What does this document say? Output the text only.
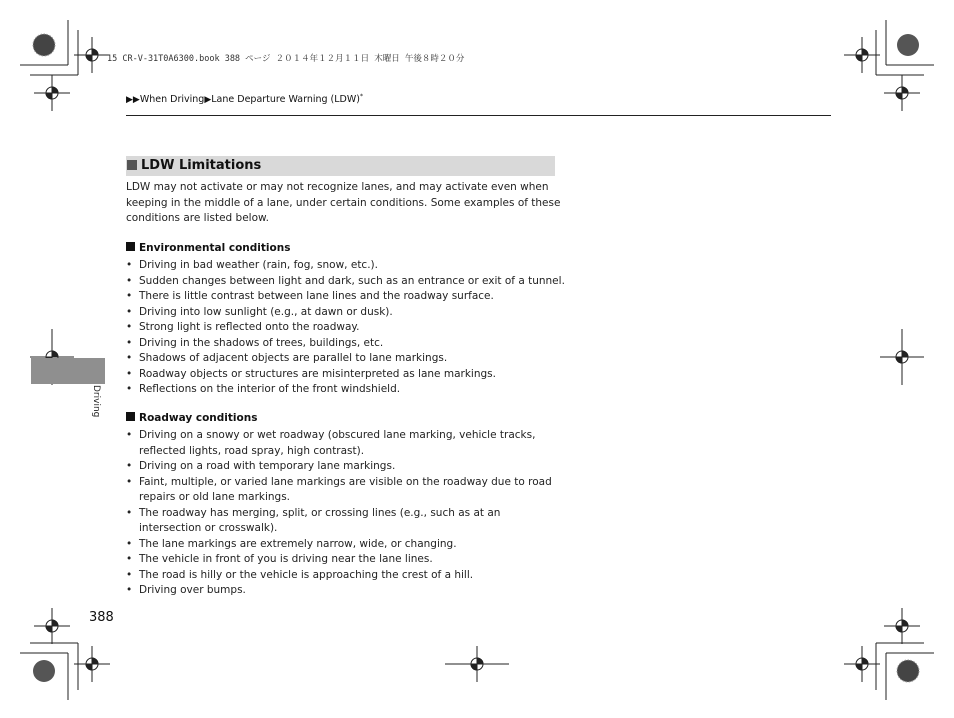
15 CR-V-31T0A6300.book 388 ページ ２０１４年１２月１１日 木曜日 午後８時２０分
▶▶When Driving▶Lane Departure Warning (LDW)*
LDW Limitations
LDW may not activate or may not recognize lanes, and may activate even when keeping in the middle of a lane, under certain conditions. Some examples of these conditions are listed below.
Environmental conditions
• Driving in bad weather (rain, fog, snow, etc.).
• Sudden changes between light and dark, such as an entrance or exit of a tunnel.
• There is little contrast between lane lines and the roadway surface.
• Driving into low sunlight (e.g., at dawn or dusk).
• Strong light is reflected onto the roadway.
• Driving in the shadows of trees, buildings, etc.
• Shadows of adjacent objects are parallel to lane markings.
• Roadway objects or structures are misinterpreted as lane markings.
• Reflections on the interior of the front windshield.
Roadway conditions
• Driving on a snowy or wet roadway (obscured lane marking, vehicle tracks, reflected lights, road spray, high contrast).
• Driving on a road with temporary lane markings.
• Faint, multiple, or varied lane markings are visible on the roadway due to road repairs or old lane markings.
• The roadway has merging, split, or crossing lines (e.g., such as at an intersection or crosswalk).
• The lane markings are extremely narrow, wide, or changing.
• The vehicle in front of you is driving near the lane lines.
• The road is hilly or the vehicle is approaching the crest of a hill.
• Driving over bumps.
Driving
388
